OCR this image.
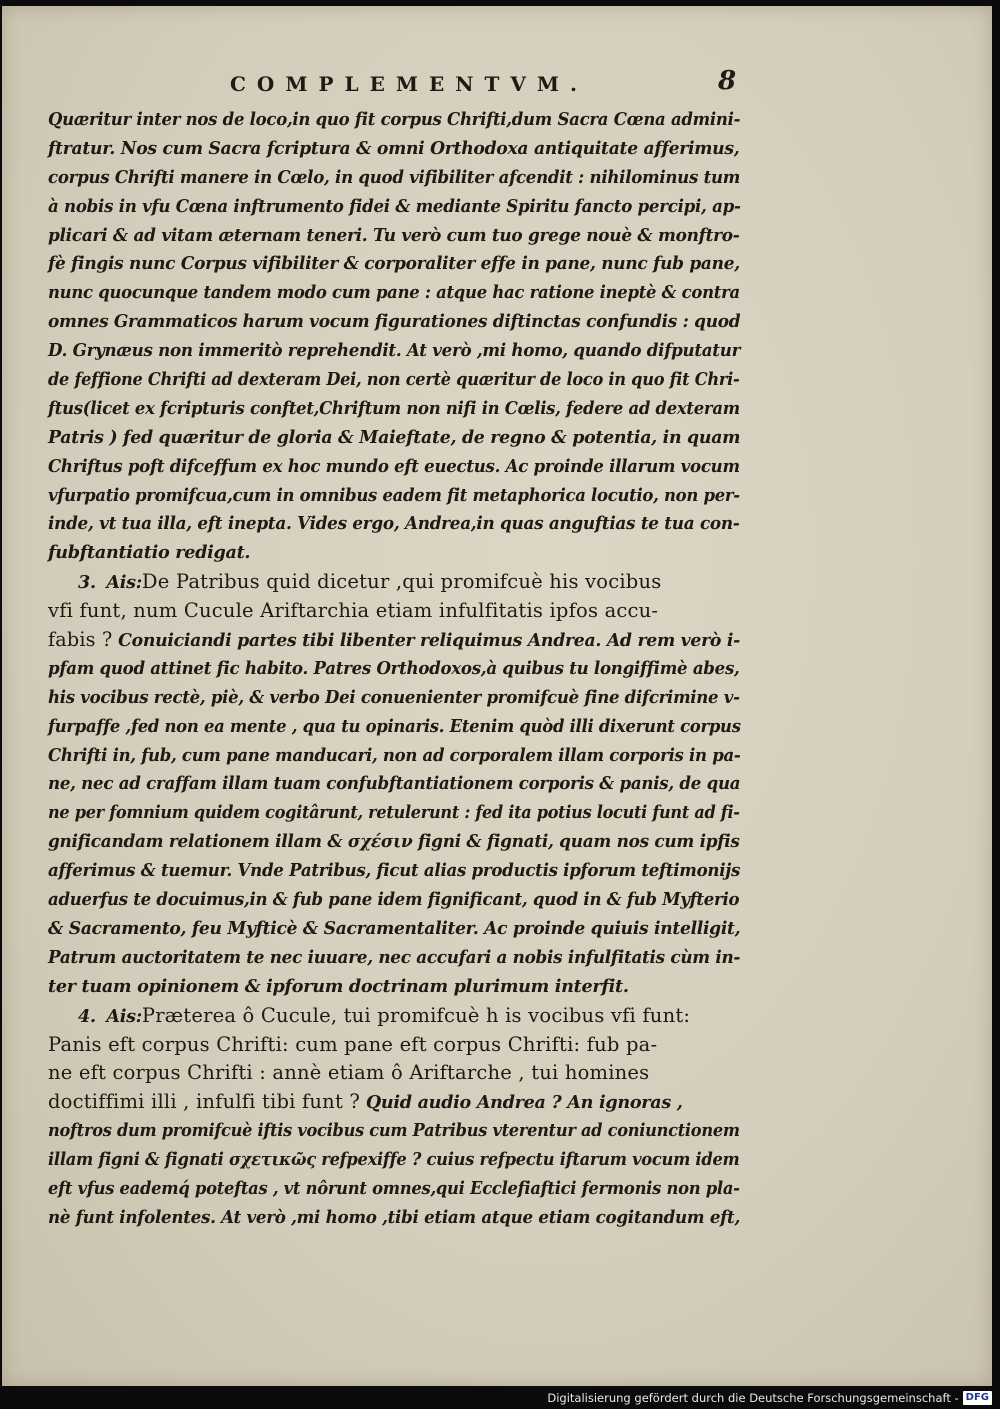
COMPLEMENTVM.	8
Quæritur inter nos de loco,in quo fit corpus Chrifti,dum Sacra Cœna admini-
ftratur. Nos cum Sacra fcriptura & omni Orthodoxa antiquitate afferimus,
corpus Chrifti manere in Cœlo, in quod vifibiliter afcendit : nihilominus tum
à nobis in vfu Cœna inftrumento fidei & mediante Spiritu fancto percipi, ap-
plicari & ad vitam æternam teneri. Tu verò cum tuo grege nouè & monftro-
fè fingis nunc Corpus vifibiliter & corporaliter effe in pane, nunc fub pane,
nunc quocunque tandem modo cum pane : atque hac ratione ineptè & contra
omnes Grammaticos harum vocum figurationes diftinctas confundis : quod
D. Grynæus non immeritò reprehendit. At verò ,mi homo, quando difputatur
de feffione Chrifti ad dexteram Dei, non certè quæritur de loco in quo fit Chri-
ftus(licet ex fcripturis conftet,Chriftum non nifi in Cœlis, federe ad dexteram
Patris ) fed quæritur de gloria & Maieftate, de regno & potentia, in quam
Chriftus poft difceffum ex hoc mundo eft euectus. Ac proinde illarum vocum
vfurpatio promifcua,cum in omnibus eadem fit metaphorica locutio, non per-
inde, vt tua illa, eft inepta. Vides ergo, Andrea,in quas anguftias te tua con-
fubftantiatio redigat.
3. Ais:De Patribus quid dicetur ,qui promifcuè his vocibus
vfi funt, num Cucule Ariftarchia etiam infulfitatis ipfos accu-
fabis ? Conuiciandi partes tibi libenter reliquimus Andrea. Ad rem verò i-
pfam quod attinet fic habito. Patres Orthodoxos,à quibus tu longiffimè abes,
his vocibus rectè, piè, & verbo Dei conuenienter promifcuè fine difcrimine v-
furpaffe ,fed non ea mente , qua tu opinaris. Etenim quòd illi dixerunt corpus
Chrifti in, fub, cum pane manducari, non ad corporalem illam corporis in pa-
ne, nec ad craffam illam tuam confubftantiationem corporis & panis, de qua
ne per fomnium quidem cogitârunt, retulerunt : fed ita potius locuti funt ad fi-
gnificandam relationem illam & σχέσιν figni & fignati, quam nos cum ipfis
afferimus & tuemur. Vnde Patribus, ficut alias productis ipforum teftimonijs
aduerfus te docuimus,in & fub pane idem fignificant, quod in & fub Myfterio
& Sacramento, feu Myfticè & Sacramentaliter. Ac proinde quiuis intelligit,
Patrum auctoritatem te nec iuuare, nec accufari a nobis infulfitatis cùm in-
ter tuam opinionem & ipforum doctrinam plurimum interfit.
4. Ais:Præterea ô Cucule, tui promifcuè h is vocibus vfi funt:
Panis eft corpus Chrifti: cum pane eft corpus Chrifti: fub pa-
ne eft corpus Chrifti : annè etiam ô Ariftarche , tui homines
doctiffimi illi , infulfi tibi funt ? Quid audio Andrea ? An ignoras ,
noftros dum promifcuè iftis vocibus cum Patribus vterentur ad coniunctionem
illam figni & fignati σχετικῶς refpexiffe ? cuius refpectu iftarum vocum idem
eft vfus eademq́ poteftas , vt nôrunt omnes,qui Ecclefiaftici fermonis non pla-
nè funt infolentes. At verò ,mi homo ,tibi etiam atque etiam cogitandum eft,
Digitalisierung gefördert durch die Deutsche Forschungsgemeinschaft - DFG
